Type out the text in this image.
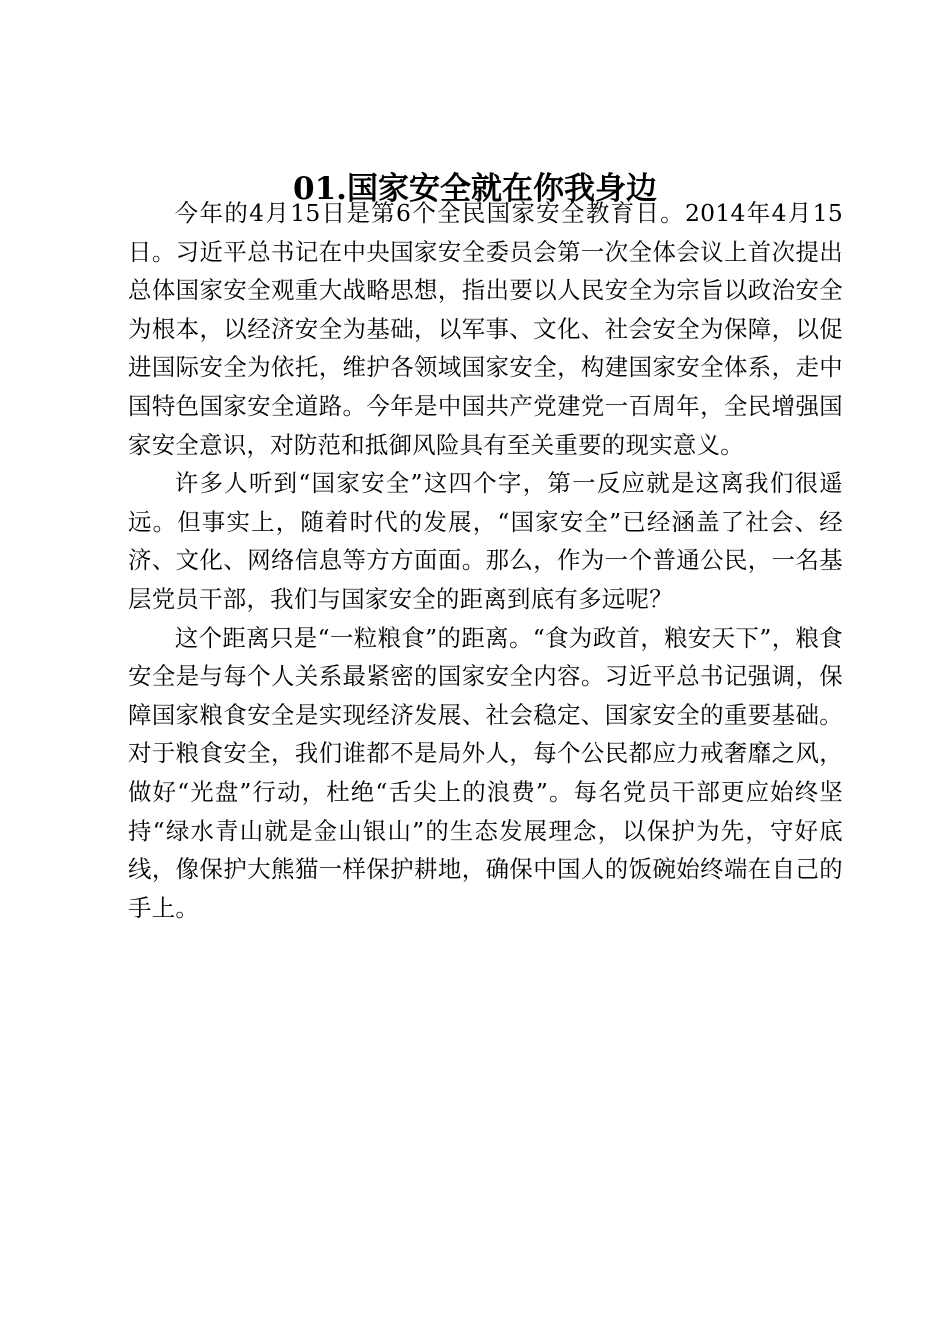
01.国家安全就在你我身边

今年的4月15日是第6个全民国家安全教育日。2014年4月15日。习近平总书记在中央国家安全委员会第一次全体会议上首次提出总体国家安全观重大战略思想，指出要以人民安全为宗旨以政治安全为根本，以经济安全为基础，以军事、文化、社会安全为保障，以促进国际安全为依托，维护各领域国家安全，构建国家安全体系，走中国特色国家安全道路。今年是中国共产党建党一百周年，全民增强国家安全意识，对防范和抵御风险具有至关重要的现实意义。

许多人听到“国家安全”这四个字，第一反应就是这离我们很遥远。但事实上，随着时代的发展，“国家安全”已经涵盖了社会、经济、文化、网络信息等方方面面。那么，作为一个普通公民，一名基层党员干部，我们与国家安全的距离到底有多远呢？

这个距离只是“一粒粮食”的距离。“食为政首，粮安天下”，粮食安全是与每个人关系最紧密的国家安全内容。习近平总书记强调，保障国家粮食安全是实现经济发展、社会稳定、国家安全的重要基础。对于粮食安全，我们谁都不是局外人，每个公民都应力戒奢靡之风，做好“光盘”行动，杜绝“舌尖上的浪费”。每名党员干部更应始终坚持“绿水青山就是金山银山”的生态发展理念，以保护为先，守好底线，像保护大熊猫一样保护耕地，确保中国人的饭碗始终端在自己的手上。
